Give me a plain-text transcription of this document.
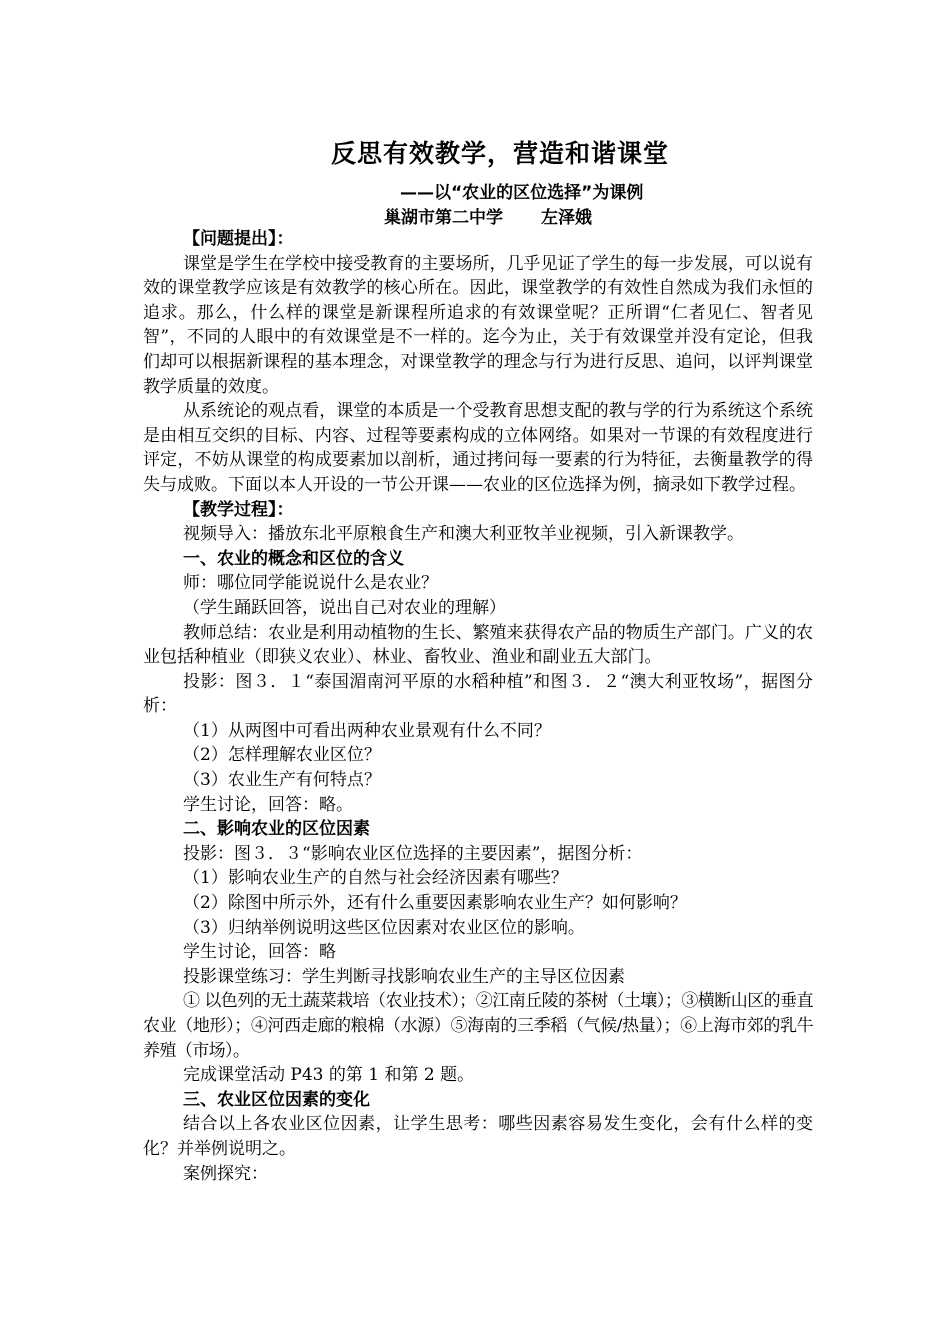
反思有效教学，营造和谐课堂
——以“农业的区位选择”为课例
巢湖市第二中学 左泽娥

【问题提出】：

课堂是学生在学校中接受教育的主要场所，几乎见证了学生的每一步发展，可以说有效的课堂教学应该是有效教学的核心所在。因此，课堂教学的有效性自然成为我们永恒的追求。那么，什么样的课堂是新课程所追求的有效课堂呢？正所谓“仁者见仁、智者见智”，不同的人眼中的有效课堂是不一样的。迄今为止，关于有效课堂并没有定论，但我们却可以根据新课程的基本理念，对课堂教学的理念与行为进行反思、追问，以评判课堂教学质量的效度。

从系统论的观点看，课堂的本质是一个受教育思想支配的教与学的行为系统这个系统是由相互交织的目标、内容、过程等要素构成的立体网络。如果对一节课的有效程度进行评定，不妨从课堂的构成要素加以剖析，通过拷问每一要素的行为特征，去衡量教学的得失与成败。下面以本人开设的一节公开课——农业的区位选择为例，摘录如下教学过程。

【教学过程】：

视频导入：播放东北平原粮食生产和澳大利亚牧羊业视频，引入新课教学。

一、农业的概念和区位的含义

师：哪位同学能说说什么是农业？

（学生踊跃回答，说出自己对农业的理解）

教师总结：农业是利用动植物的生长、繁殖来获得农产品的物质生产部门。广义的农业包括种植业（即狭义农业）、林业、畜牧业、渔业和副业五大部门。

投影：图３．１“泰国湄南河平原的水稻种植”和图３．２“澳大利亚牧场”，据图分析：

（1）从两图中可看出两种农业景观有什么不同？

（2）怎样理解农业区位？

（3）农业生产有何特点？

学生讨论，回答：略。

二、影响农业的区位因素

投影：图３．３“影响农业区位选择的主要因素”，据图分析：

（1）影响农业生产的自然与社会经济因素有哪些？

（2）除图中所示外，还有什么重要因素影响农业生产？如何影响？

（3）归纳举例说明这些区位因素对农业区位的影响。

学生讨论，回答：略

投影课堂练习：学生判断寻找影响农业生产的主导区位因素

① 以色列的无土蔬菜栽培（农业技术）；②江南丘陵的茶树（土壤）；③横断山区的垂直农业（地形）；④河西走廊的粮棉（水源）⑤海南的三季稻（气候/热量）；⑥上海市郊的乳牛养殖（市场）。

完成课堂活动 P43 的第 1 和第 2 题。

三、农业区位因素的变化

结合以上各农业区位因素，让学生思考：哪些因素容易发生变化，会有什么样的变化？并举例说明之。

案例探究：
